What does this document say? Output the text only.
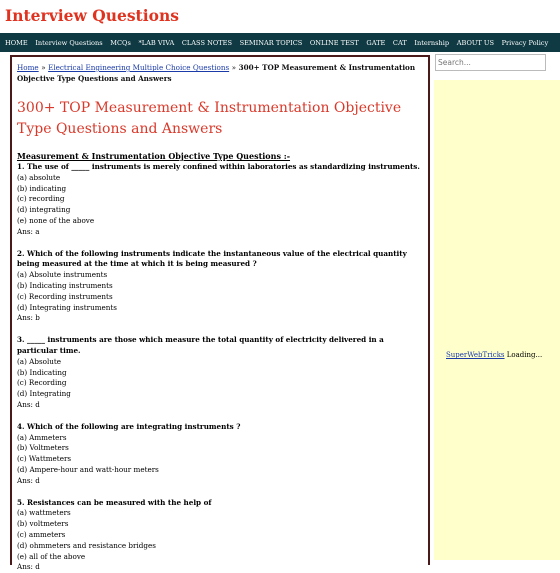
Interview Questions
HOME Interview Questions MCQs *LAB VIVA CLASS NOTES SEMINAR TOPICS ONLINE TEST GATE CAT Internship ABOUT US Privacy Policy
Home » Electrical Engineering Multiple Choice Questions » 300+ TOP Measurement & Instrumentation Objective Type Questions and Answers
300+ TOP Measurement & Instrumentation Objective Type Questions and Answers
Measurement & Instrumentation Objective Type Questions :-
1. The use of _____ instruments is merely confined within laboratories as standardizing instruments.
(a) absolute
(b) indicating
(c) recording
(d) integrating
(e) none of the above
Ans: a
2. Which of the following instruments indicate the instantaneous value of the electrical quantity being measured at the time at which it is being measured ?
(a) Absolute instruments
(b) Indicating instruments
(c) Recording instruments
(d) Integrating instruments
Ans: b
3. _____ instruments are those which measure the total quantity of electricity delivered in a particular time.
(a) Absolute
(b) Indicating
(c) Recording
(d) Integrating
Ans: d
4. Which of the following are integrating instruments ?
(a) Ammeters
(b) Voltmeters
(c) Wattmeters
(d) Ampere-hour and watt-hour meters
Ans: d
5. Resistances can be measured with the help of
(a) wattmeters
(b) voltmeters
(c) ammeters
(d) ohmmeters and resistance bridges
(e) all of the above
Ans: d
Search...
SuperWebTricks Loading...
